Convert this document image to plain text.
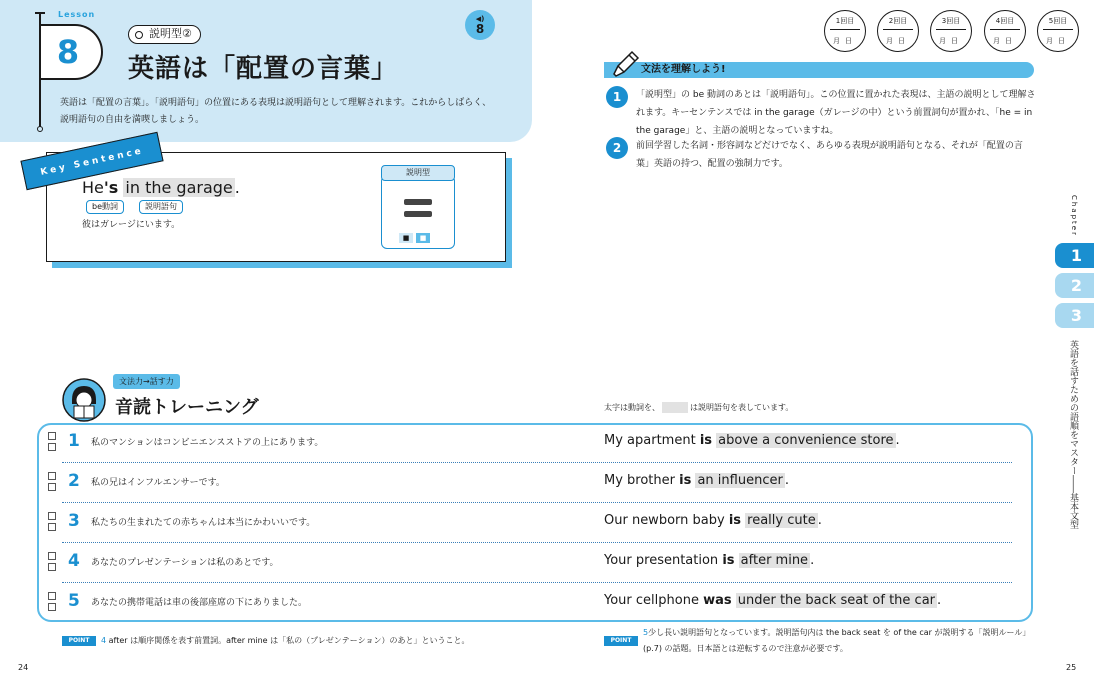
Lesson
8	説明型②
英語は「配置の言葉」
英語は「配置の言葉」。「説明語句」の位置にある表現は説明語句として理解されます。これからしばらく、説明語句の自由を満喫しましょう。
◀)
8
Key Sentence
He's in the garage .
be動詞	説明語句
彼はガレージにいます。
説明型
■ ■
1回目
月日
2回目
月日
3回目
月日
4回目
月日
5回目
月日
文法を理解しよう!
1	「説明型」の be 動詞のあとは「説明語句」。この位置に置かれた表現は、主語の説明として理解されます。キーセンテンスでは in the garage（ガレージの中）という前置詞句が置かれ、「he = in the garage」と、主語の説明となっていますね。
2	前回学習した名詞・形容詞などだけでなく、あらゆる表現が説明語句となる、それが「配置の言葉」英語の持つ、配置の強制力です。
Chapter
1
2
3
英語を話すための語順をマスター――基本文型
文法力→話す力
音読トレーニング	太字は動詞を、	は説明語句を表しています。
1 私のマンションはコンビニエンスストアの上にあります。	My apartment is above a convenience store .
2 私の兄はインフルエンサーです。	My brother is an influencer .
3 私たちの生まれたての赤ちゃんは本当にかわいいです。	Our newborn baby is really cute .
4 あなたのプレゼンテーションは私のあとです。	Your presentation is after mine .
5 あなたの携帯電話は車の後部座席の下にありました。	Your cellphone was under the back seat of the car .
POINT	4 after は順序関係を表す前置詞。after mine は「私の（プレゼンテーション）のあと」ということ。	POINT
5少し長い説明語句となっています。説明語句内は the back seat を of the car が説明する「説明ルール」(p.7) の話題。日本語とは逆転するので注意が必要です。
24	25
